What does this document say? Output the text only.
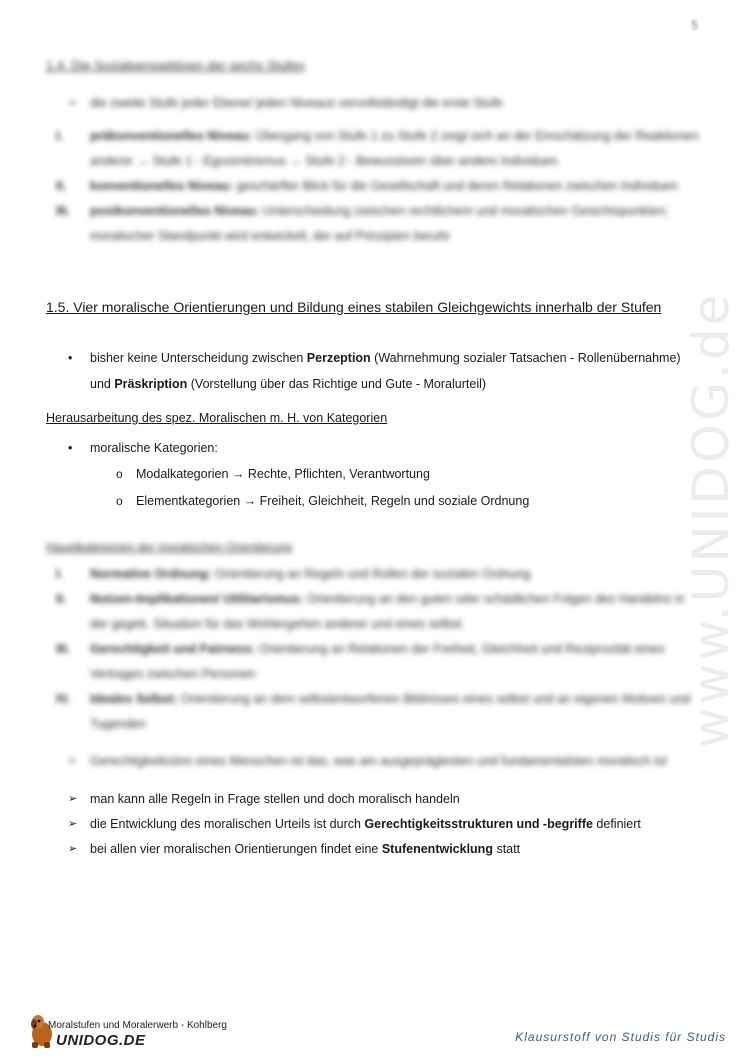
5
1.4. Die Sozialperspektiven der sechs Stufen
➢ die zweite Stufe jeder Ebene/ jeden Niveaus vervollständigt die erste Stufe
I. präkonventionelles Niveau: Übergang von Stufe 1 zu Stufe 2 zeigt sich an der Einschätzung der Reaktionen anderer → Stufe 1 - Egozentrismus → Stufe 2 - Bewusstsein über andere Individuen
II. konventionelles Niveau: geschärfter Blick für die Gesellschaft und deren Relationen zwischen Individuen
III. postkonventionelles Niveau: Unterscheidung zwischen rechtlichem und moralischen Gesichtspunkten; moralischer Standpunkt wird entwickelt, der auf Prinzipien beruht
1.5. Vier moralische Orientierungen und Bildung eines stabilen Gleichgewichts innerhalb der Stufen
• bisher keine Unterscheidung zwischen Perzeption (Wahrnehmung sozialer Tatsachen - Rollenübernahme)
und Präskription (Vorstellung über das Richtige und Gute - Moralurteil)
Herausarbeitung des spez. Moralischen m. H. von Kategorien
• moralische Kategorien:
o Modalkategorien → Rechte, Pflichten, Verantwortung
o Elementkategorien → Freiheit, Gleichheit, Regeln und soziale Ordnung
Hauptkategorien der moralischen Orientierung
I. Normative Ordnung: Orientierung an Regeln und Rollen der sozialen Ordnung
II. Nutzen-Implikationen/ Utilitarismus: Orientierung an den guten oder schädlichen Folgen des Handelns in der gegeb. Situation für das Wohlergehen anderer und eines selbst
III. Gerechtigkeit und Fairness: Orientierung an Relationen der Freiheit, Gleichheit und Reziprozität eines Vertrages zwischen Personen
IV. Ideales Selbst: Orientierung an dem selbstentworfenen Bildnisses eines selbst und an eigenen Motiven und Tugenden
➢ Gerechtigkeitssinn eines Menschen ist das, was am ausgeprägtesten und fundamentalsten moralisch ist
➢ man kann alle Regeln in Frage stellen und doch moralisch handeln
➢ die Entwicklung des moralischen Urteils ist durch Gerechtigkeitsstrukturen und -begriffe definiert
➢ bei allen vier moralischen Orientierungen findet eine Stufenentwicklung statt
www.UNIDOG.de
Moralstufen und Moralerwerb - Kohlberg
UNIDOG.DE	Klausurstoff von Studis für Studis
